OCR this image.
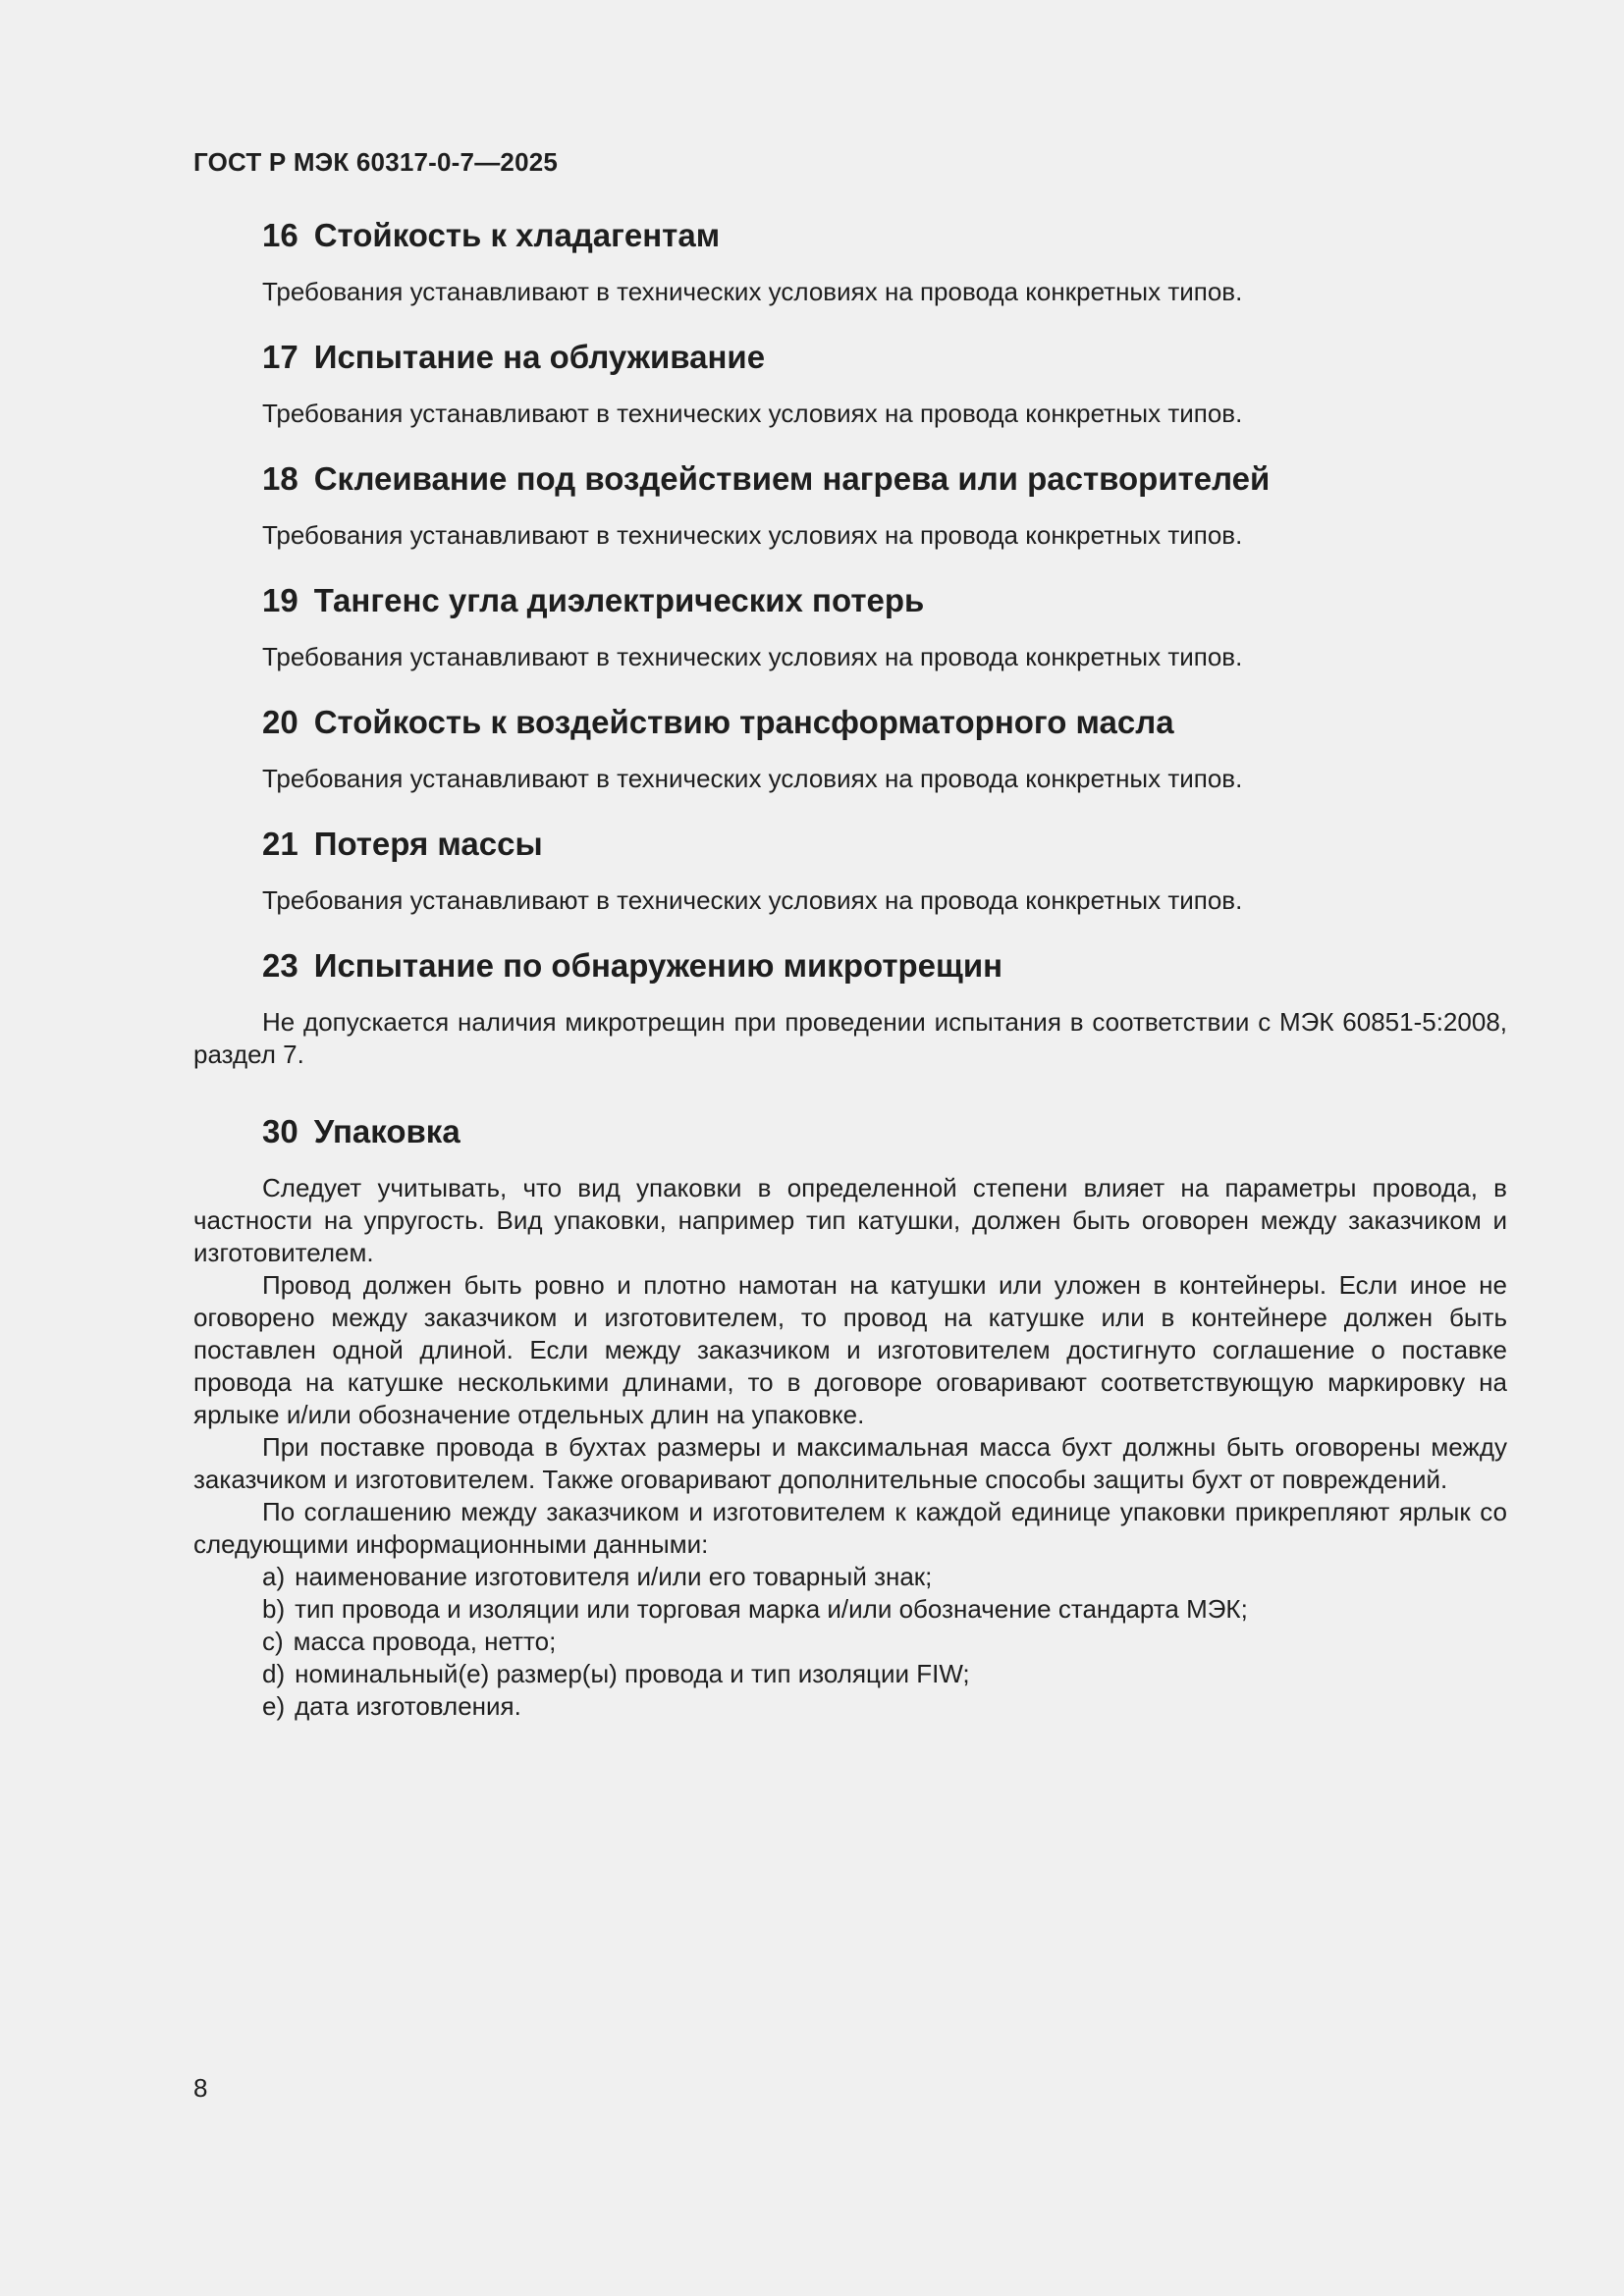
ГОСТ Р МЭК 60317-0-7—2025
16 Стойкость к хладагентам
Требования устанавливают в технических условиях на провода конкретных типов.
17 Испытание на облуживание
Требования устанавливают в технических условиях на провода конкретных типов.
18 Склеивание под воздействием нагрева или растворителей
Требования устанавливают в технических условиях на провода конкретных типов.
19 Тангенс угла диэлектрических потерь
Требования устанавливают в технических условиях на провода конкретных типов.
20 Стойкость к воздействию трансформаторного масла
Требования устанавливают в технических условиях на провода конкретных типов.
21 Потеря массы
Требования устанавливают в технических условиях на провода конкретных типов.
23 Испытание по обнаружению микротрещин

Не допускается наличия микротрещин при проведении испытания в соответствии с МЭК 60851-5:2008, раздел 7.

30 Упаковка

Следует учитывать, что вид упаковки в определенной степени влияет на параметры провода, в частности на упругость. Вид упаковки, например тип катушки, должен быть оговорен между заказчиком и изготовителем.

Провод должен быть ровно и плотно намотан на катушки или уложен в контейнеры. Если иное не оговорено между заказчиком и изготовителем, то провод на катушке или в контейнере должен быть поставлен одной длиной. Если между заказчиком и изготовителем достигнуто соглашение о поставке провода на катушке несколькими длинами, то в договоре оговаривают соответствующую маркировку на ярлыке и/или обозначение отдельных длин на упаковке.

При поставке провода в бухтах размеры и максимальная масса бухт должны быть оговорены между заказчиком и изготовителем. Также оговаривают дополнительные способы защиты бухт от повреждений.

По соглашению между заказчиком и изготовителем к каждой единице упаковки прикрепляют ярлык со следующими информационными данными:

а) наименование изготовителя и/или его товарный знак;
b) тип провода и изоляции или торговая марка и/или обозначение стандарта МЭК;
с) масса провода, нетто;
d) номинальный(е) размер(ы) провода и тип изоляции FIW;
е) дата изготовления.
8
